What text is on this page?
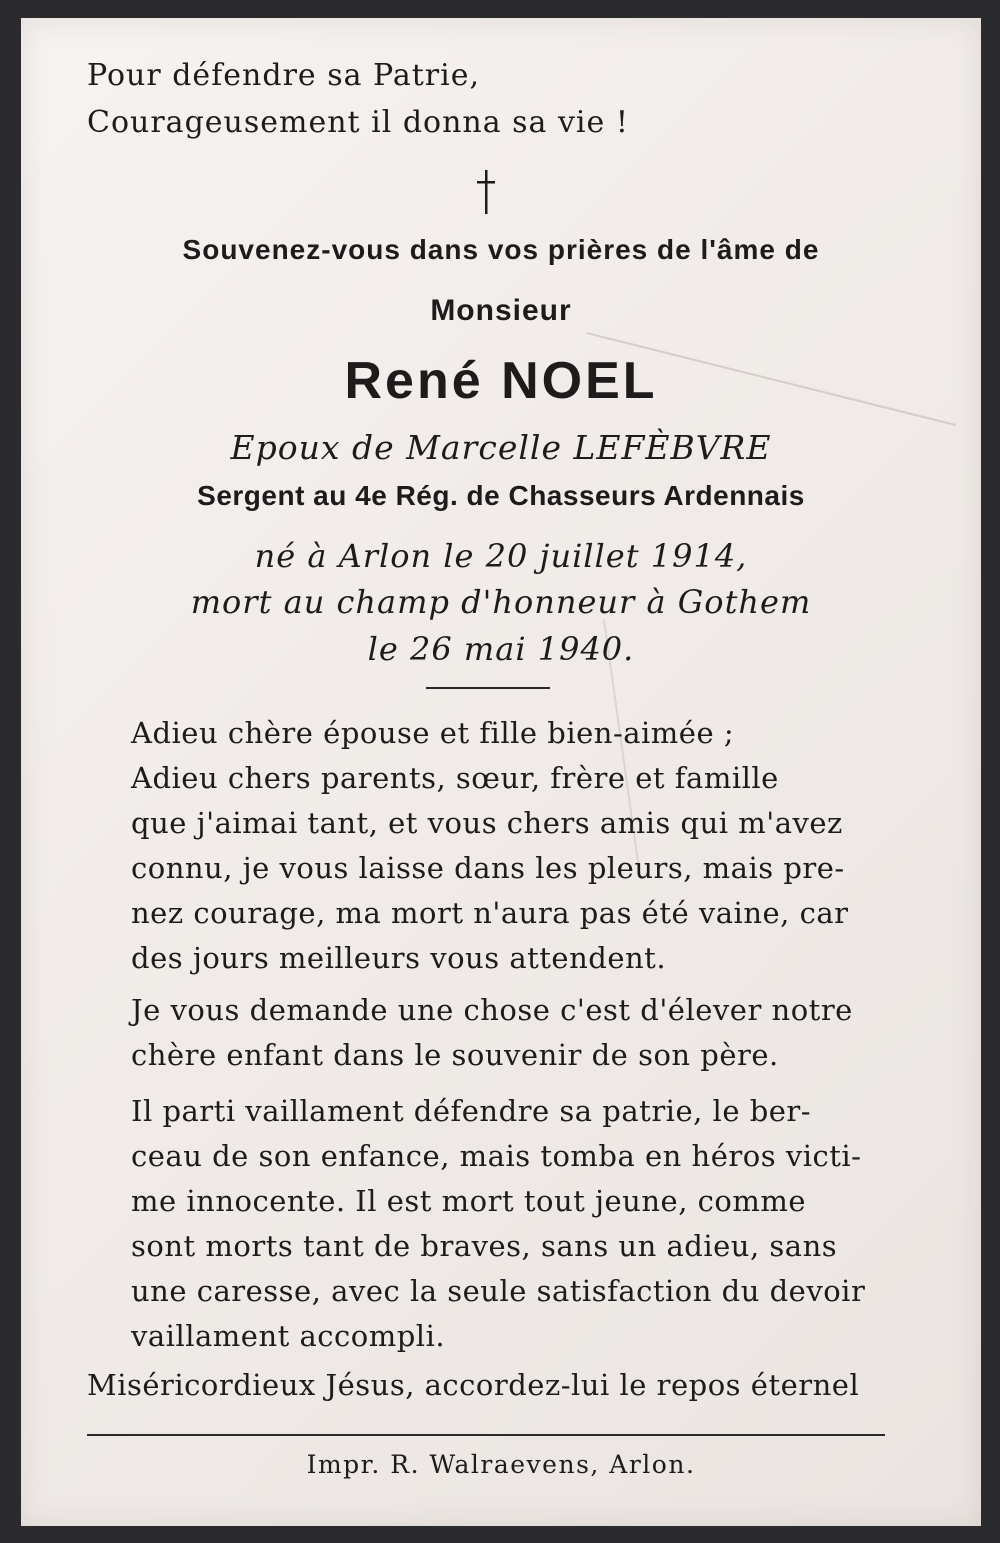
Pour défendre sa Patrie,

Courageusement il donna sa vie !

Souvenez-vous dans vos prières de l'âme de

Monsieur

René NOEL

Epoux de Marcelle LEFÈBVRE

Sergent au 4e Rég. de Chasseurs Ardennais

né à Arlon le 20 juillet 1914,

mort au champ d'honneur à Gothem

le 26 mai 1940.

Adieu chère épouse et fille bien-aimée ;
Adieu chers parents, sœur, frère et famille
que j'aimai tant, et vous chers amis qui m'avez
connu, je vous laisse dans les pleurs, mais pre-
nez courage, ma mort n'aura pas été vaine, car
des jours meilleurs vous attendent.
Je vous demande une chose c'est d'élever notre
chère enfant dans le souvenir de son père.
Il parti vaillament défendre sa patrie, le ber-
ceau de son enfance, mais tomba en héros victi-
me innocente. Il est mort tout jeune, comme
sont morts tant de braves, sans un adieu, sans
une caresse, avec la seule satisfaction du devoir
vaillament accompli.

Miséricordieux Jésus, accordez-lui le repos éternel

Impr. R. Walraevens, Arlon.
